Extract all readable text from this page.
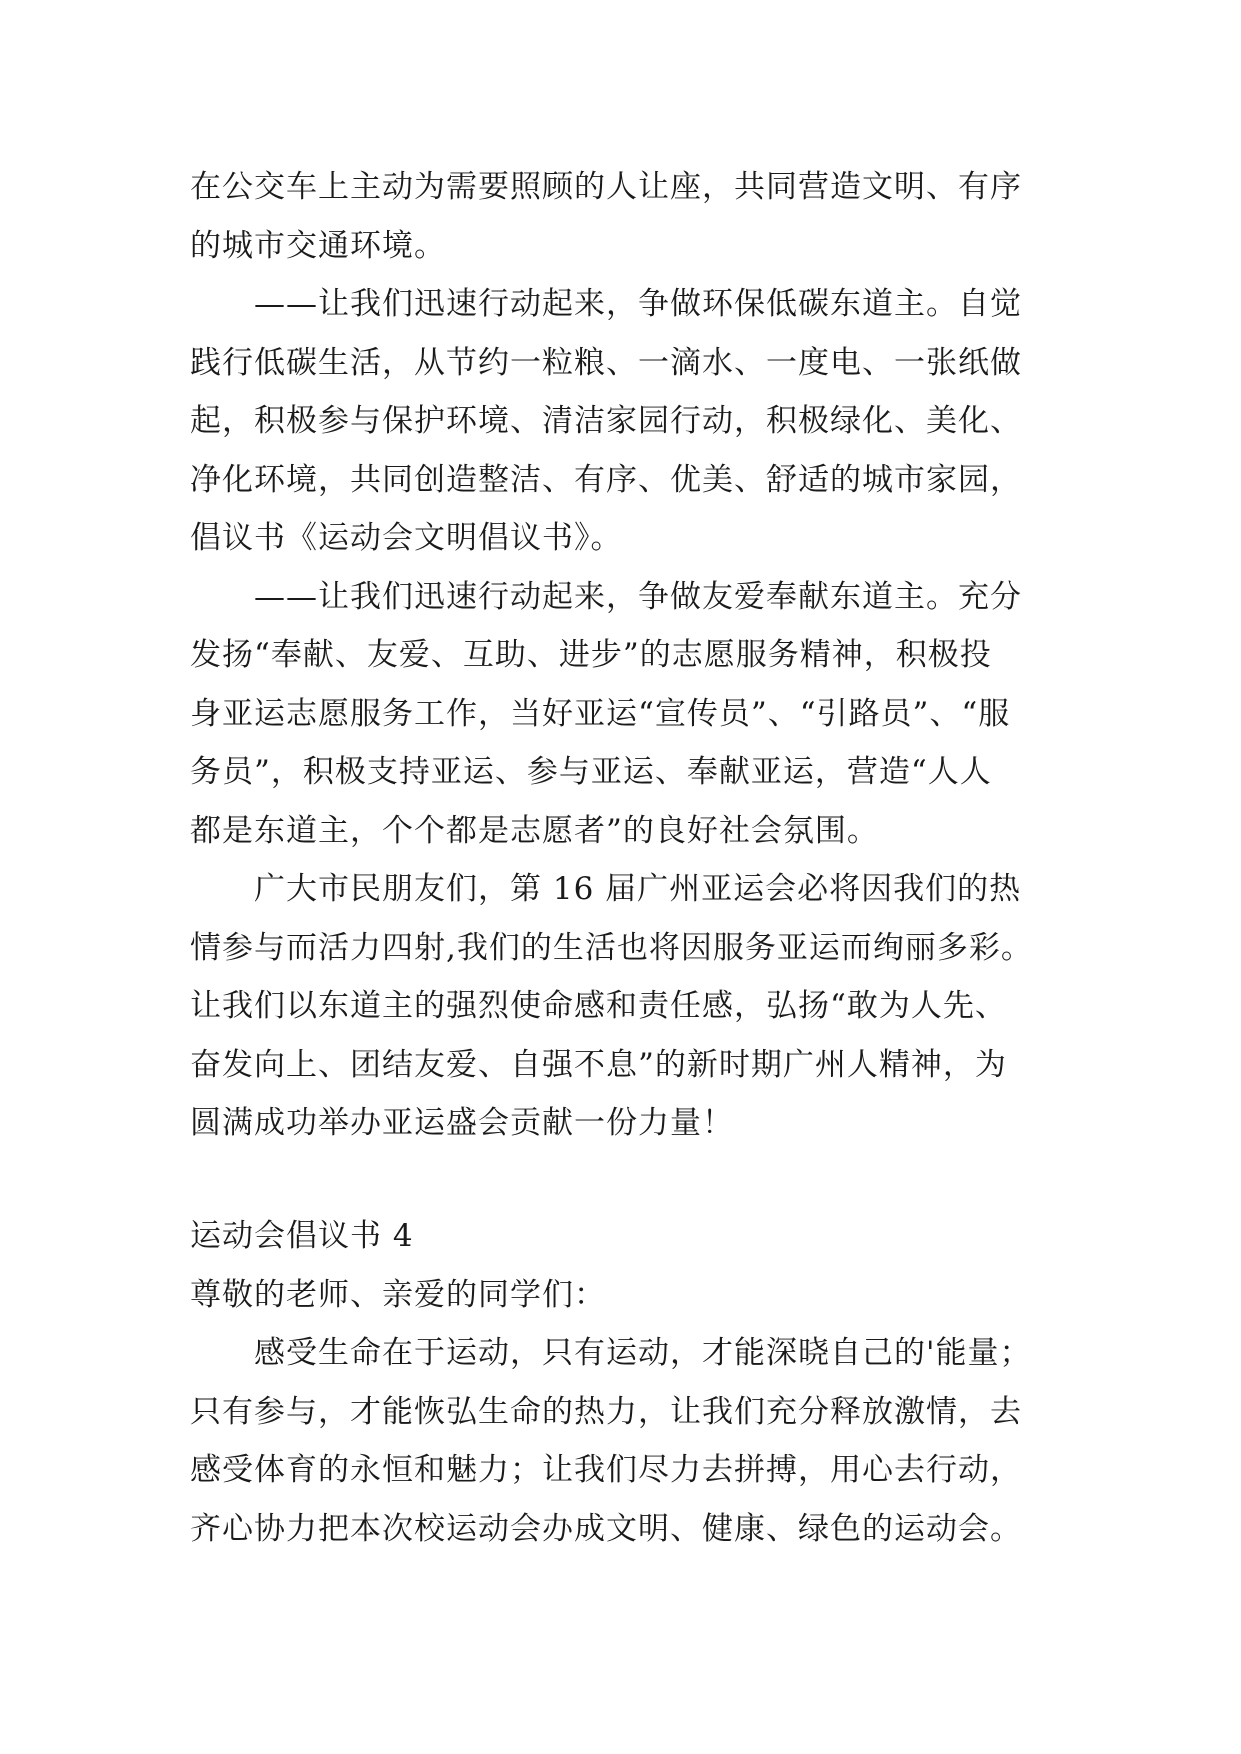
在公交车上主动为需要照顾的人让座，共同营造文明、有序
的城市交通环境。
——让我们迅速行动起来，争做环保低碳东道主。自觉
践行低碳生活，从节约一粒粮、一滴水、一度电、一张纸做
起，积极参与保护环境、清洁家园行动，积极绿化、美化、
净化环境，共同创造整洁、有序、优美、舒适的城市家园，
倡议书《运动会文明倡议书》。
——让我们迅速行动起来，争做友爱奉献东道主。充分
发扬“奉献、友爱、互助、进步”的志愿服务精神，积极投
身亚运志愿服务工作，当好亚运“宣传员”、“引路员”、“服
务员”，积极支持亚运、参与亚运、奉献亚运，营造“人人
都是东道主，个个都是志愿者”的良好社会氛围。
广大市民朋友们，第 16 届广州亚运会必将因我们的热
情参与而活力四射,我们的生活也将因服务亚运而绚丽多彩。
让我们以东道主的强烈使命感和责任感，弘扬“敢为人先、
奋发向上、团结友爱、自强不息”的新时期广州人精神，为
圆满成功举办亚运盛会贡献一份力量！
运动会倡议书 4
尊敬的老师、亲爱的同学们：
感受生命在于运动，只有运动，才能深晓自己的'能量；
只有参与，才能恢弘生命的热力，让我们充分释放激情，去
感受体育的永恒和魅力；让我们尽力去拼搏，用心去行动，
齐心协力把本次校运动会办成文明、健康、绿色的运动会。
